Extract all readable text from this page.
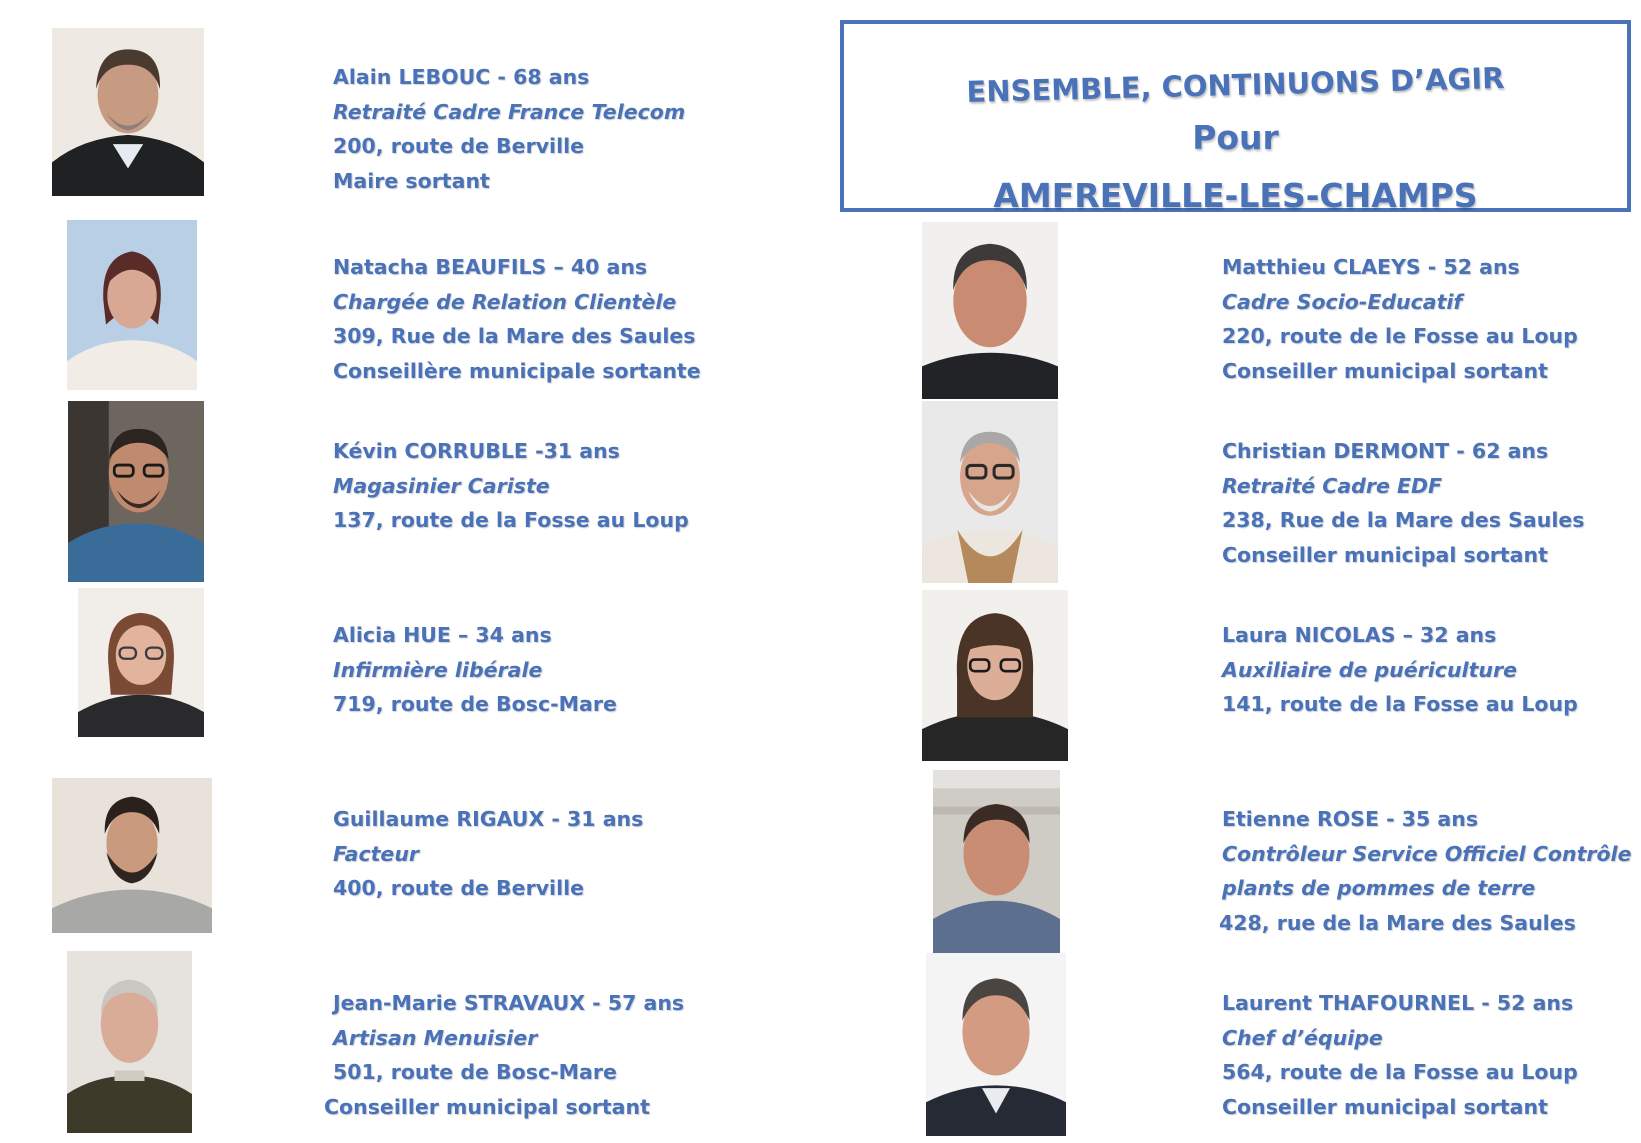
ENSEMBLE, CONTINUONS D’AGIR
Pour
AMFREVILLE-LES-CHAMPS
Alain LEBOUC - 68 ans
Retraité Cadre France Telecom
200, route de Berville
Maire sortant
Natacha BEAUFILS – 40 ans
Chargée de Relation Clientèle
309, Rue de la Mare des Saules
Conseillère municipale sortante
Kévin CORRUBLE -31 ans
Magasinier Cariste
137, route de la Fosse au Loup
Alicia HUE – 34 ans
Infirmière libérale
719, route de Bosc-Mare
Guillaume RIGAUX - 31 ans
Facteur
400, route de Berville
Jean-Marie STRAVAUX - 57 ans
Artisan Menuisier
501, route de Bosc-Mare
Conseiller municipal sortant
Matthieu CLAEYS - 52 ans
Cadre Socio-Educatif
220, route de le Fosse au Loup
Conseiller municipal sortant
Christian DERMONT - 62 ans
Retraité Cadre EDF
238, Rue de la Mare des Saules
Conseiller municipal sortant
Laura NICOLAS – 32 ans
Auxiliaire de puériculture
141, route de la Fosse au Loup
Etienne ROSE - 35 ans
Contrôleur Service Officiel Contrôle
plants de pommes de terre
428, rue de la Mare des Saules
Laurent THAFOURNEL - 52 ans
Chef d’équipe
564, route de la Fosse au Loup
Conseiller municipal sortant
